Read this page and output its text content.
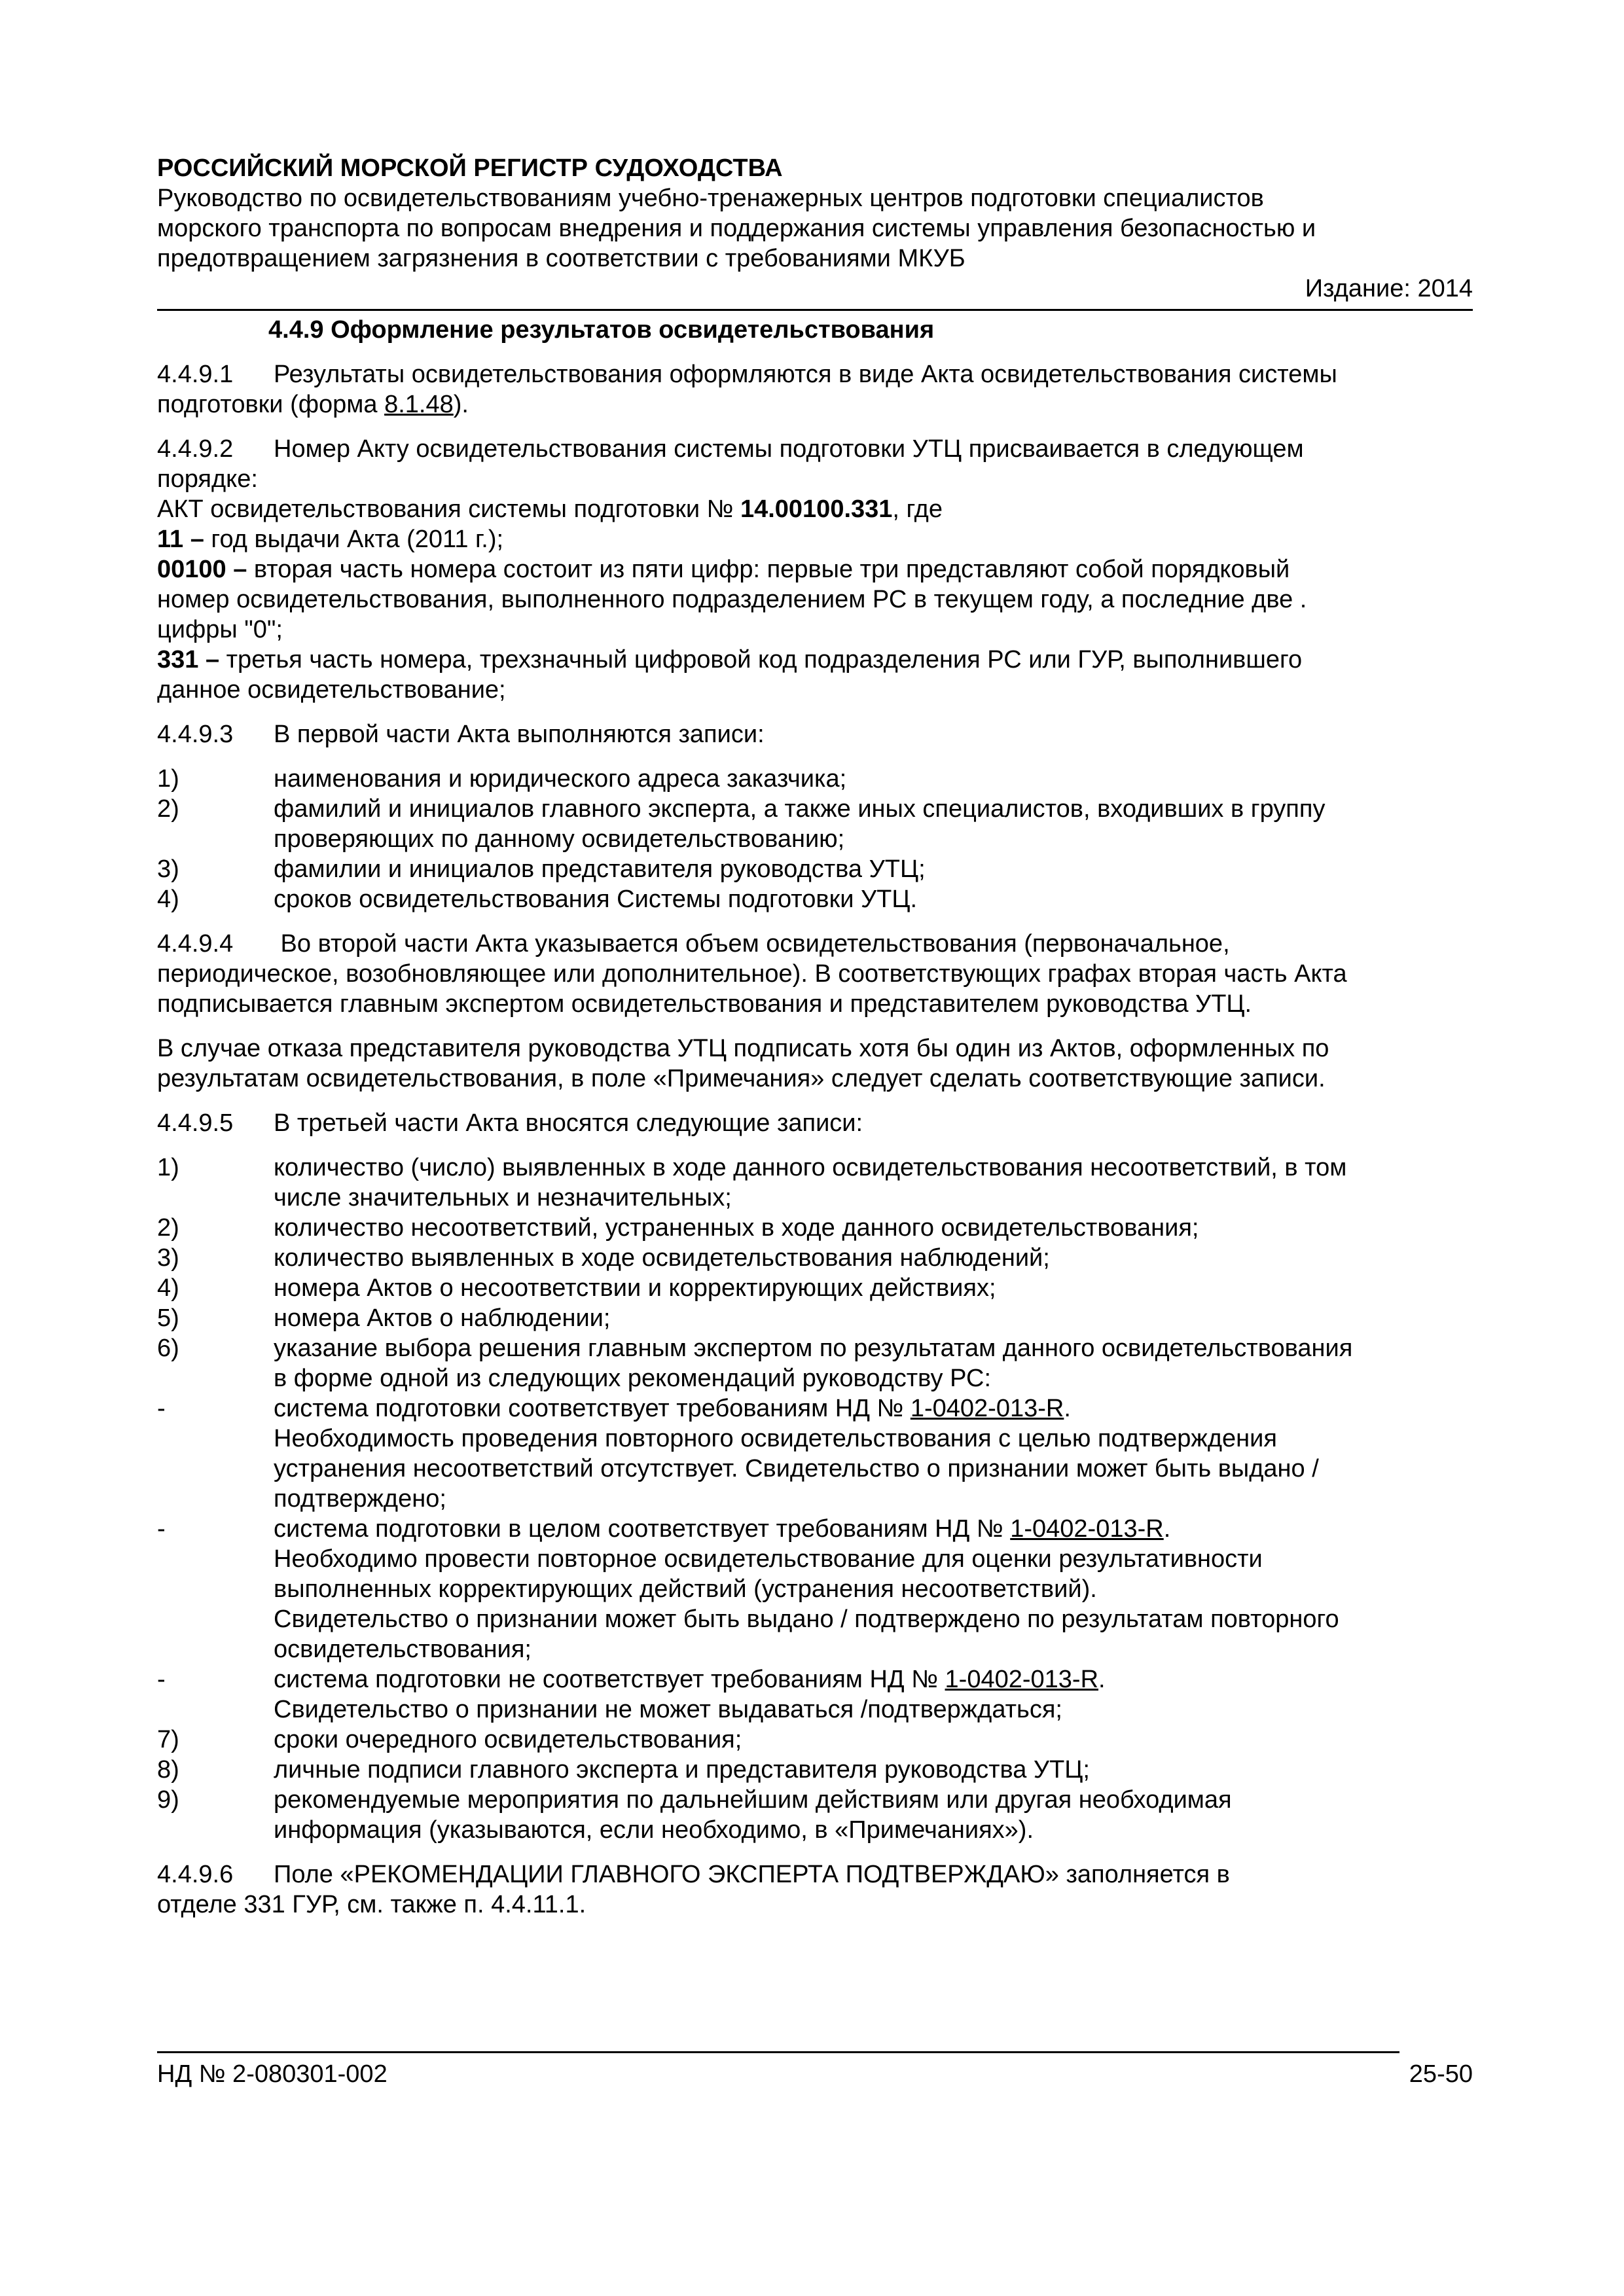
РОССИЙСКИЙ МОРСКОЙ РЕГИСТР СУДОХОДСТВА
Руководство по освидетельствованиям учебно-тренажерных центров подготовки специалистов
морского транспорта по вопросам внедрения и поддержания системы управления безопасностью и
предотвращением загрязнения в соответствии с требованиями МКУБ
Издание: 2014
4.4.9 Оформление результатов освидетельствования
4.4.9.1 Результаты освидетельствования оформляются в виде Акта освидетельствования системы
подготовки (форма 8.1.48).
4.4.9.2 Номер Акту освидетельствования системы подготовки УТЦ присваивается в следующем
порядке:
АКТ освидетельствования системы подготовки № 14.00100.331, где
11 – год выдачи Акта (2011 г.);
00100 – вторая часть номера состоит из пяти цифр: первые три представляют собой порядковый
номер освидетельствования, выполненного подразделением РС в текущем году, а последние две .
цифры "0";
331 – третья часть номера, трехзначный цифровой код подразделения РС или ГУР, выполнившего
данное освидетельствование;
4.4.9.3 В первой части Акта выполняются записи:
1)	наименования и юридического адреса заказчика;
2)	фамилий и инициалов главного эксперта, а также иных специалистов, входивших в группу
проверяющих по данному освидетельствованию;
3)	фамилии и инициалов представителя руководства УТЦ;
4)	сроков освидетельствования Системы подготовки УТЦ.
4.4.9.4 Во второй части Акта указывается объем освидетельствования (первоначальное,
периодическое, возобновляющее или дополнительное). В соответствующих графах вторая часть Акта
подписывается главным экспертом освидетельствования и представителем руководства УТЦ.
В случае отказа представителя руководства УТЦ подписать хотя бы один из Актов, оформленных по
результатам освидетельствования, в поле «Примечания» следует сделать соответствующие записи.
4.4.9.5 В третьей части Акта вносятся следующие записи:
1)	количество (число) выявленных в ходе данного освидетельствования несоответствий, в том
числе значительных и незначительных;
2)	количество несоответствий, устраненных в ходе данного освидетельствования;
3)	количество выявленных в ходе освидетельствования наблюдений;
4)	номера Актов о несоответствии и корректирующих действиях;
5)	номера Актов о наблюдении;
6)	указание выбора решения главным экспертом по результатам данного освидетельствования
в форме одной из следующих рекомендаций руководству РС:
-	система подготовки соответствует требованиям НД № 1-0402-013-R.
Необходимость проведения повторного освидетельствования с целью подтверждения
устранения несоответствий отсутствует. Свидетельство о признании может быть выдано /
подтверждено;
-	система подготовки в целом соответствует требованиям НД № 1-0402-013-R.
Необходимо провести повторное освидетельствование для оценки результативности
выполненных корректирующих действий (устранения несоответствий).
Свидетельство о признании может быть выдано / подтверждено по результатам повторного
освидетельствования;
-	система подготовки не соответствует требованиям НД № 1-0402-013-R.
Свидетельство о признании не может выдаваться /подтверждаться;
7)	сроки очередного освидетельствования;
8)	личные подписи главного эксперта и представителя руководства УТЦ;
9)	рекомендуемые мероприятия по дальнейшим действиям или другая необходимая
информация (указываются, если необходимо, в «Примечаниях»).
4.4.9.6 Поле «РЕКОМЕНДАЦИИ ГЛАВНОГО ЭКСПЕРТА ПОДТВЕРЖДАЮ» заполняется в
отделе 331 ГУР, см. также п. 4.4.11.1.
НД № 2-080301-002	25-50
